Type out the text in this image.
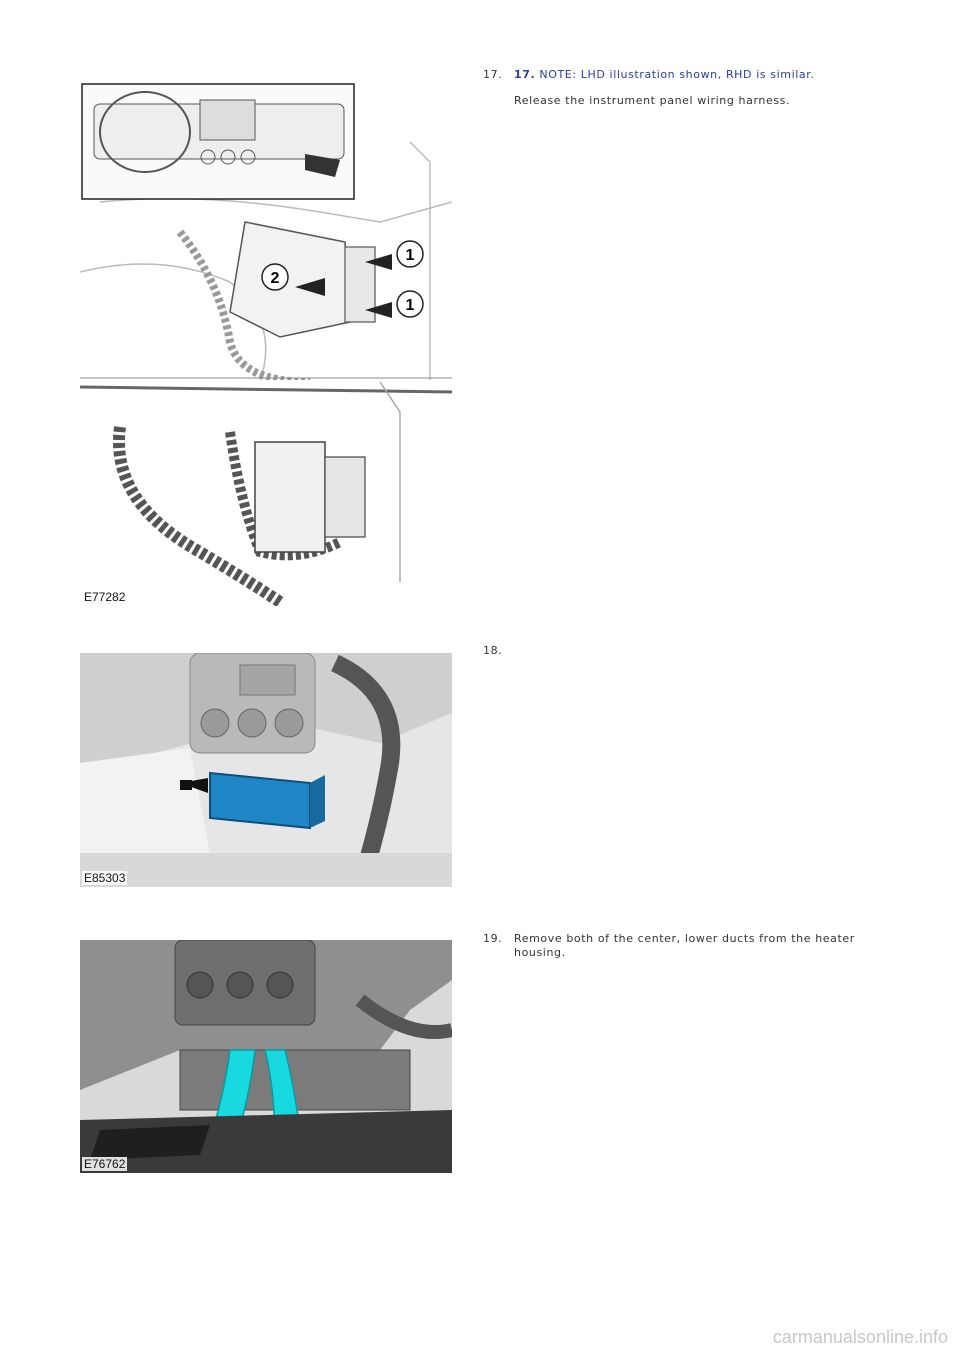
1
2
1
E77282
17. 17. NOTE: LHD illustration shown, RHD is similar.
Release the instrument panel wiring harness.
E85303
18.
E76762
19. Remove both of the center, lower ducts from the heater housing.
carmanualsonline.info
